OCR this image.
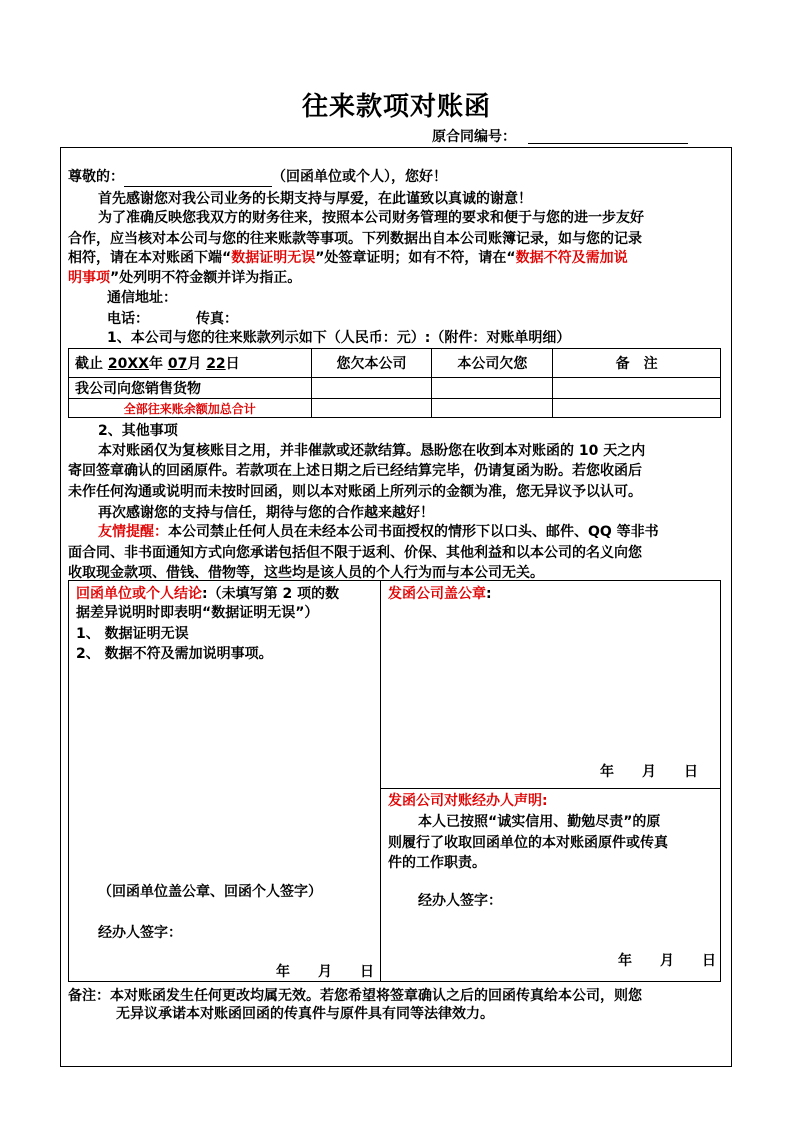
往来款项对账函
原合同编号：
尊敬的：	（回函单位或个人），您好！
首先感谢您对我公司业务的长期支持与厚爱，在此谨致以真诚的谢意！
为了准确反映您我双方的财务往来，按照本公司财务管理的要求和便于与您的进一步友好
合作，应当核对本公司与您的往来账款等事项。下列数据出自本公司账簿记录，如与您的记录
相符，请在本对账函下端“数据证明无误”处签章证明；如有不符，请在“数据不符及需加说
明事项”处列明不符金额并详为指正。
通信地址：
电话：	传真：
1、本公司与您的往来账款列示如下（人民币：元）:（附件：对账单明细）
截止 20XX年 07月 22日	您欠本公司	本公司欠您	备　注
我公司向您销售货物			
全部往来账余额加总合计			
2、其他事项
本对账函仅为复核账目之用，并非催款或还款结算。恳盼您在收到本对账函的 10 天之内
寄回签章确认的回函原件。若款项在上述日期之后已经结算完毕，仍请复函为盼。若您收函后
未作任何沟通或说明而未按时回函，则以本对账函上所列示的金额为准，您无异议予以认可。
再次感谢您的支持与信任，期待与您的合作越来越好！
友情提醒：本公司禁止任何人员在未经本公司书面授权的情形下以口头、邮件、QQ 等非书
面合同、非书面通知方式向您承诺包括但不限于返利、价保、其他利益和以本公司的名义向您
收取现金款项、借钱、借物等，这些均是该人员的个人行为而与本公司无关。
回函单位或个人结论:（未填写第 2 项的数
据差异说明时即表明“数据证明无误”）
1、 数据证明无误
2、 数据不符及需加说明事项。
（回函单位盖公章、回函个人签字）
经办人签字：
年　　月　　日
发函公司盖公章:
年　　月　　日
发函公司对账经办人声明:
本人已按照“诚实信用、勤勉尽责”的原
则履行了收取回函单位的本对账函原件或传真
件的工作职责。
经办人签字：
年　　月　　日
备注：本对账函发生任何更改均属无效。若您希望将签章确认之后的回函传真给本公司，则您
无异议承诺本对账函回函的传真件与原件具有同等法律效力。
